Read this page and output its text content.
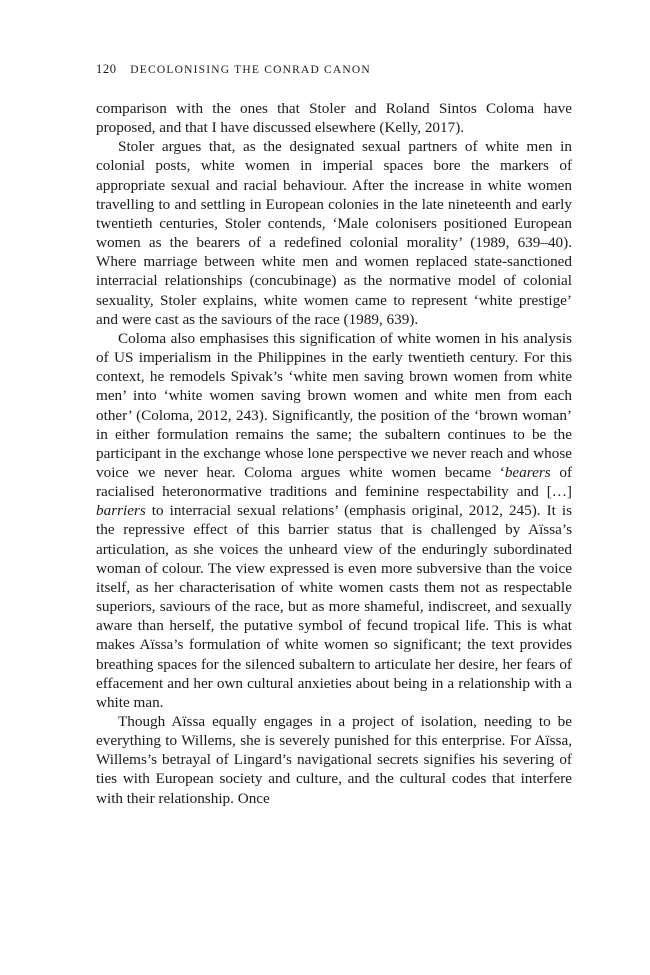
120 DECOLONISING THE CONRAD CANON

comparison with the ones that Stoler and Roland Sintos Coloma have proposed, and that I have discussed elsewhere (Kelly, 2017).

Stoler argues that, as the designated sexual partners of white men in colonial posts, white women in imperial spaces bore the markers of appropriate sexual and racial behaviour. After the increase in white women travelling to and settling in European colonies in the late nineteenth and early twentieth centuries, Stoler contends, ‘Male colonisers positioned European women as the bearers of a redefined colonial morality’ (1989, 639–40). Where marriage between white men and women replaced state-sanctioned interracial relationships (concubinage) as the normative model of colonial sexuality, Stoler explains, white women came to represent ‘white prestige’ and were cast as the saviours of the race (1989, 639).

Coloma also emphasises this signification of white women in his analysis of US imperialism in the Philippines in the early twentieth century. For this context, he remodels Spivak’s ‘white men saving brown women from white men’ into ‘white women saving brown women and white men from each other’ (Coloma, 2012, 243). Significantly, the position of the ‘brown woman’ in either formulation remains the same; the subaltern continues to be the participant in the exchange whose lone perspective we never reach and whose voice we never hear. Coloma argues white women became ‘bearers of racialised heteronormative traditions and feminine respectability and […] barriers to interracial sexual relations’ (emphasis original, 2012, 245). It is the repressive effect of this barrier status that is challenged by Aïssa’s articulation, as she voices the unheard view of the enduringly subordinated woman of colour. The view expressed is even more subversive than the voice itself, as her characterisation of white women casts them not as respectable superiors, saviours of the race, but as more shameful, indiscreet, and sexually aware than herself, the putative symbol of fecund tropical life. This is what makes Aïssa’s formulation of white women so significant; the text provides breathing spaces for the silenced subaltern to articulate her desire, her fears of effacement and her own cultural anxieties about being in a relationship with a white man.

Though Aïssa equally engages in a project of isolation, needing to be everything to Willems, she is severely punished for this enterprise. For Aïssa, Willems’s betrayal of Lingard’s navigational secrets signifies his severing of ties with European society and culture, and the cultural codes that interfere with their relationship. Once
